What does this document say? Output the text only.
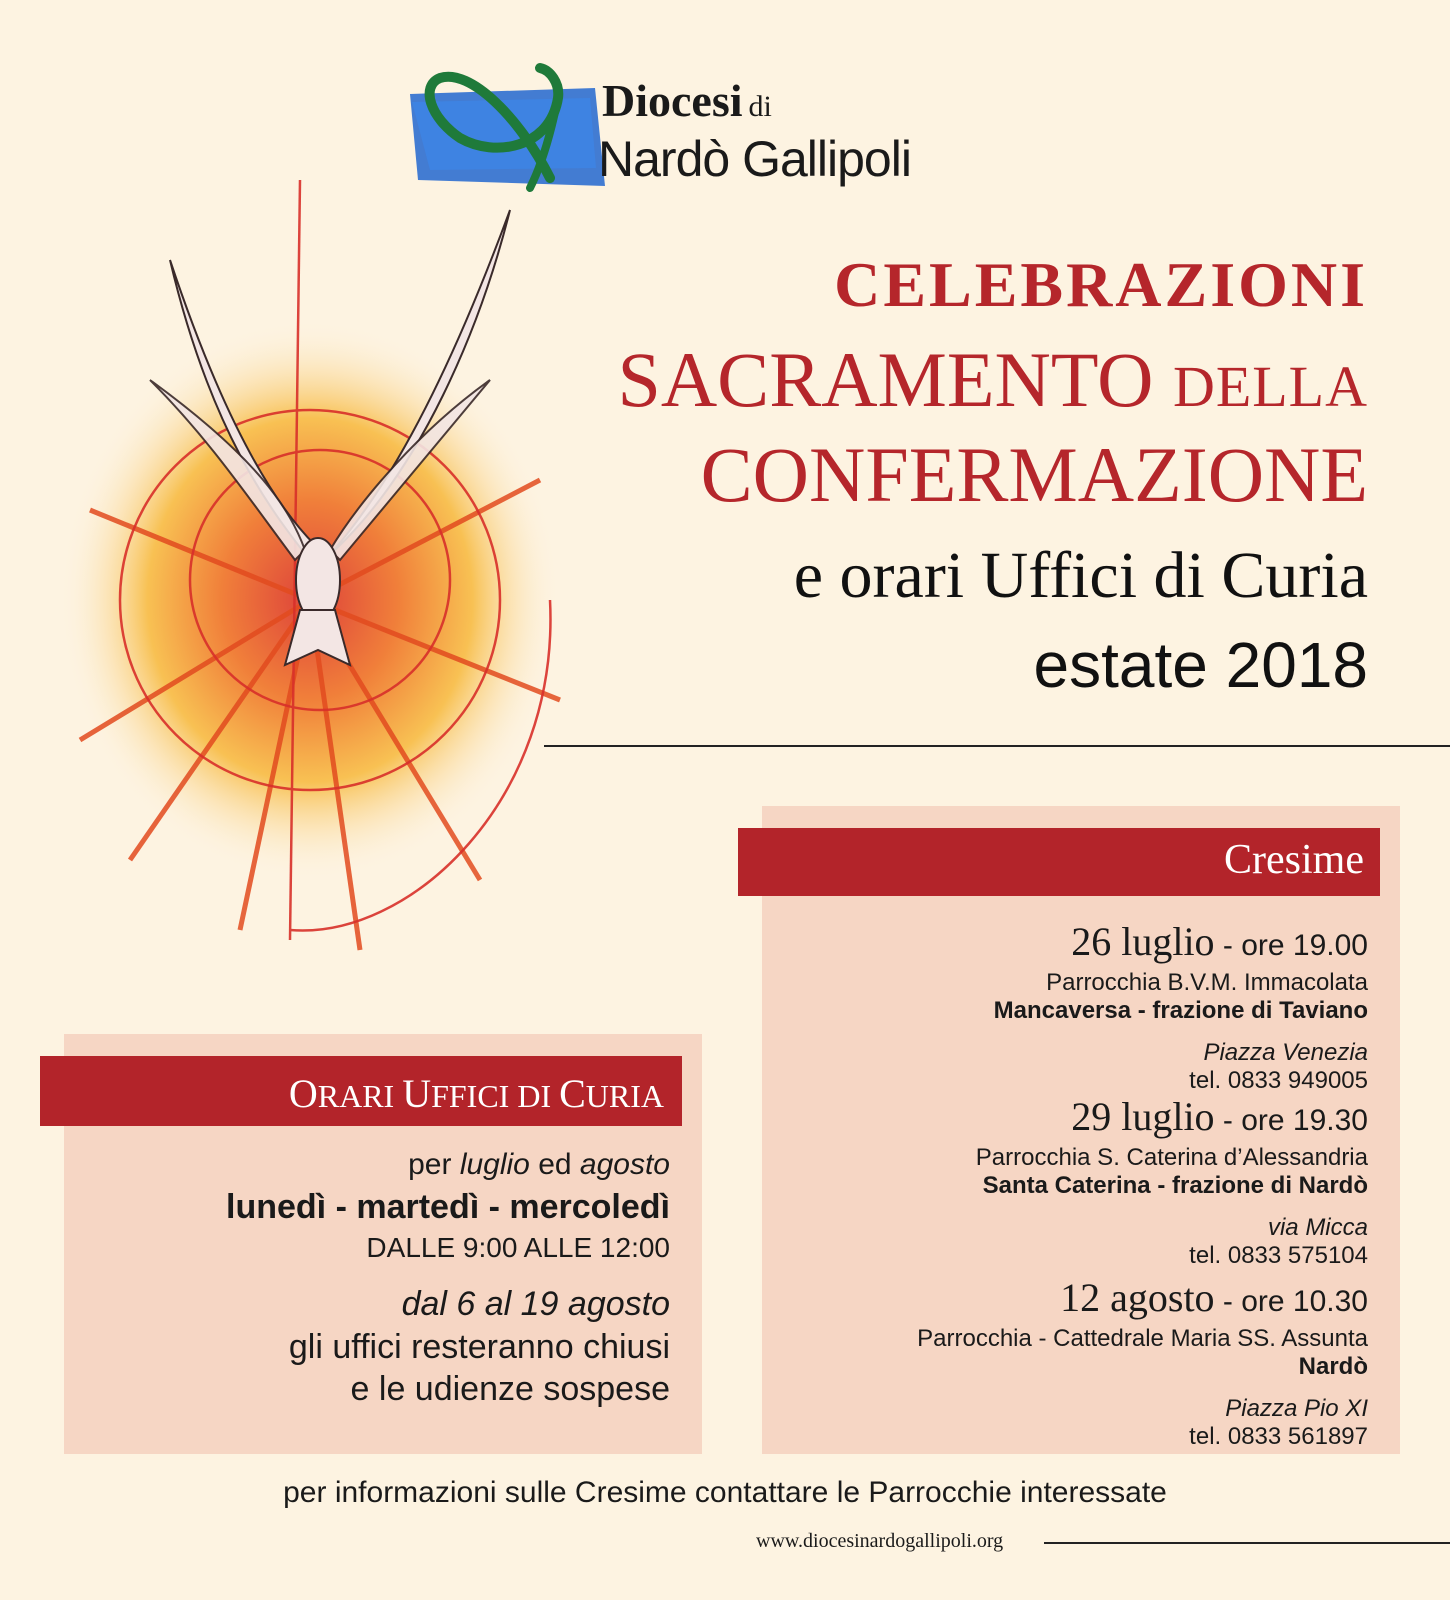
Diocesi di
Nardò Gallipoli
CELEBRAZIONI
SACRAMENTO DELLA
CONFERMAZIONE
e orari Uffici di Curia
estate 2018
Cresime
26 luglio - ore 19.00
Parrocchia B.V.M. Immacolata
Mancaversa - frazione di Taviano
Piazza Venezia
tel. 0833 949005
29 luglio - ore 19.30
Parrocchia S. Caterina d’Alessandria
Santa Caterina - frazione di Nardò
via Micca
tel. 0833 575104
12 agosto - ore 10.30
Parrocchia - Cattedrale Maria SS. Assunta
Nardò
Piazza Pio XI
tel. 0833 561897
ORARI UFFICI DI CURIA
per luglio ed agosto
lunedì - martedì - mercoledì
DALLE 9:00 ALLE 12:00
dal 6 al 19 agosto
gli uffici resteranno chiusi
e le udienze sospese
per informazioni sulle Cresime contattare le Parrocchie interessate
www.diocesinardogallipoli.org
